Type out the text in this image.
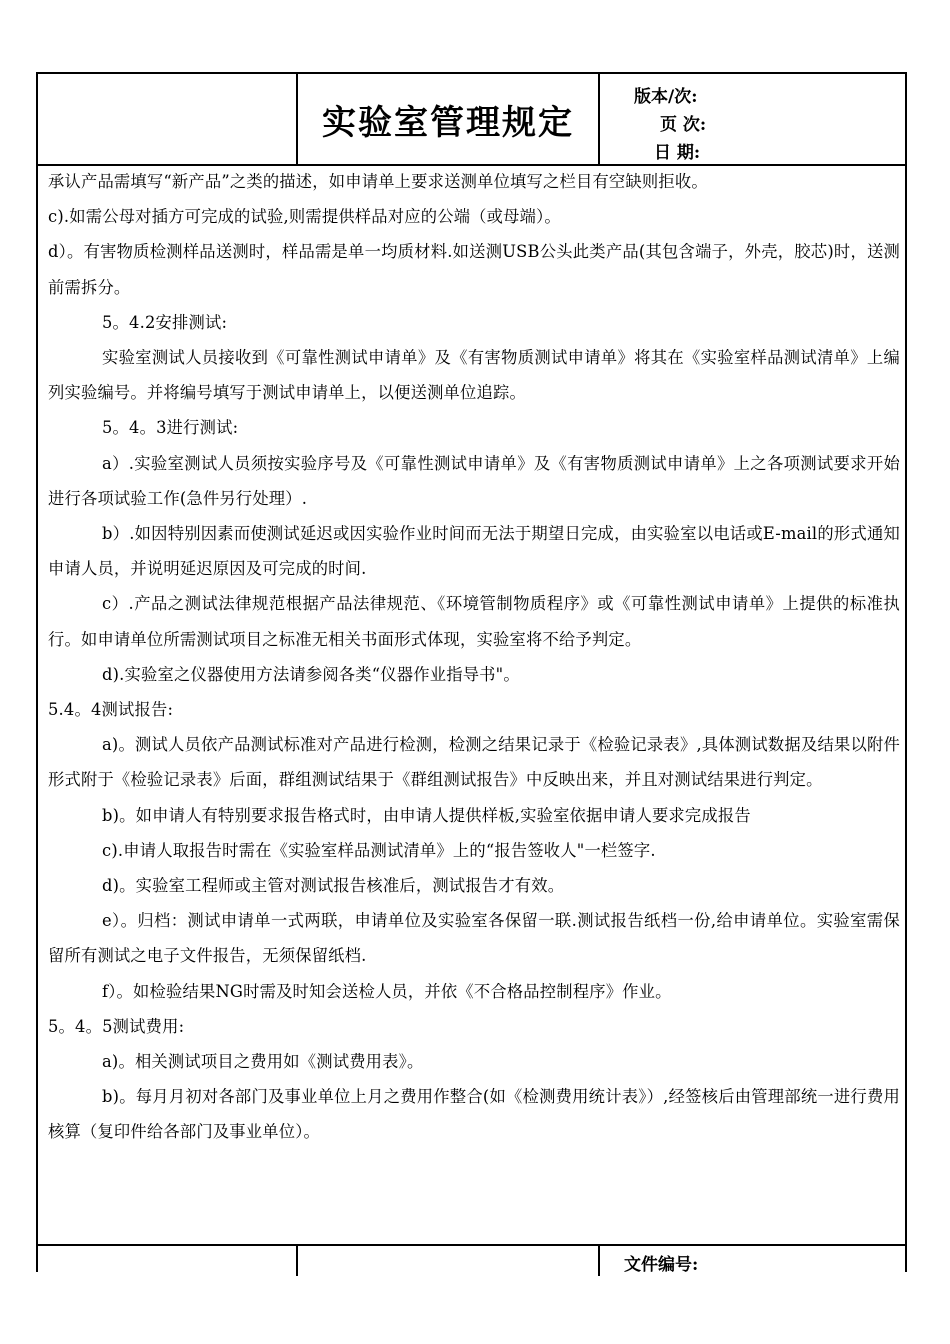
实验室管理规定
版本/次:
页 次:
日 期:

承认产品需填写“新产品”之类的描述，如申请单上要求送测单位填写之栏目有空缺则拒收。

c).如需公母对插方可完成的试验,则需提供样品对应的公端（或母端）。

d）。有害物质检测样品送测时，样品需是单一均质材料.如送测USB公头此类产品(其包含端子，外壳，胶芯)时，送测前需拆分。

5。4.2安排测试:

实验室测试人员接收到《可靠性测试申请单》及《有害物质测试申请单》将其在《实验室样品测试清单》上编列实验编号。并将编号填写于测试申请单上，以便送测单位追踪。

5。4。3进行测试:

a）.实验室测试人员须按实验序号及《可靠性测试申请单》及《有害物质测试申请单》上之各项测试要求开始进行各项试验工作(急件另行处理）.

b）.如因特别因素而使测试延迟或因实验作业时间而无法于期望日完成，由实验室以电话或E-mail的形式通知申请人员，并说明延迟原因及可完成的时间.

c）.产品之测试法律规范根据产品法律规范、《环境管制物质程序》或《可靠性测试申请单》上提供的标准执行。如申请单位所需测试项目之标准无相关书面形式体现，实验室将不给予判定。

d).实验室之仪器使用方法请参阅各类“仪器作业指导书"。

5.4。4测试报告:

a)。测试人员依产品测试标准对产品进行检测，检测之结果记录于《检验记录表》,具体测试数据及结果以附件形式附于《检验记录表》后面，群组测试结果于《群组测试报告》中反映出来，并且对测试结果进行判定。

b)。如申请人有特别要求报告格式时，由申请人提供样板,实验室依据申请人要求完成报告

c).申请人取报告时需在《实验室样品测试清单》上的“报告签收人"一栏签字.

d)。实验室工程师或主管对测试报告核准后，测试报告才有效。

e）。归档：测试申请单一式两联，申请单位及实验室各保留一联.测试报告纸档一份,给申请单位。实验室需保留所有测试之电子文件报告，无须保留纸档.

f）。如检验结果NG时需及时知会送检人员，并依《不合格品控制程序》作业。

5。4。5测试费用:

a)。相关测试项目之费用如《测试费用表》。

b)。每月月初对各部门及事业单位上月之费用作整合(如《检测费用统计表》）,经签核后由管理部统一进行费用核算（复印件给各部门及事业单位）。

文件编号:
